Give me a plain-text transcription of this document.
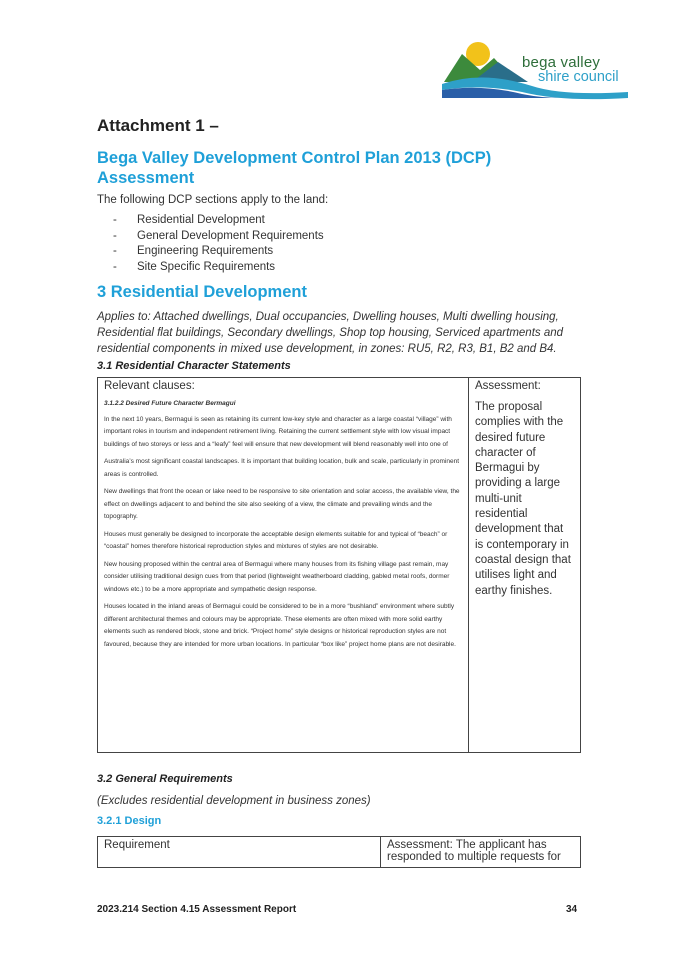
bega valley
shire council
Attachment 1 –
Bega Valley Development Control Plan 2013 (DCP) Assessment
The following DCP sections apply to the land:
- Residential Development
- General Development Requirements
- Engineering Requirements
- Site Specific Requirements
3 Residential Development
Applies to: Attached dwellings, Dual occupancies, Dwelling houses, Multi dwelling housing, Residential flat buildings, Secondary dwellings, Shop top housing, Serviced apartments and residential components in mixed use development, in zones: RU5, R2, R3, B1, B2 and B4.
3.1 Residential Character Statements
Relevant clauses:

3.1.2.2 Desired Future Character Bermagui

In the next 10 years, Bermagui is seen as retaining its current low-key style and character as a large coastal “village” with important roles in tourism and independent retirement living. Retaining the current settlement style with low visual impact buildings of two storeys or less and a “leafy” feel will ensure that new development will blend reasonably well into one of

Australia’s most significant coastal landscapes. It is important that building location, bulk and scale, particularly in prominent areas is controlled.

New dwellings that front the ocean or lake need to be responsive to site orientation and solar access, the available view, the effect on dwellings adjacent to and behind the site also seeking of a view, the climate and prevailing winds and the topography.

Houses must generally be designed to incorporate the acceptable design elements suitable for and typical of “beach” or “coastal” homes therefore historical reproduction styles and mixtures of styles are not desirable.

New housing proposed within the central area of Bermagui where many houses from its fishing village past remain, may consider utilising traditional design cues from that period (lightweight weatherboard cladding, gabled metal roofs, dormer windows etc.) to be a more appropriate and sympathetic design response.

Houses located in the inland areas of Bermagui could be considered to be in a more “bushland” environment where subtly different architectural themes and colours may be appropriate. These elements are often mixed with more solid earthy elements such as rendered block, stone and brick. “Project home” style designs or historical reproduction styles are not favoured, because they are intended for more urban locations. In particular “box like” project home plans are not desirable.

Assessment:
The proposal complies with the desired future character of Bermagui by providing a large multi-unit residential development that is contemporary in coastal design that utilises light and earthy finishes.
3.2 General Requirements
(Excludes residential development in business zones)
3.2.1 Design
Requirement	Assessment: The applicant has responded to multiple requests for
2023.214 Section 4.15 Assessment Report	34
